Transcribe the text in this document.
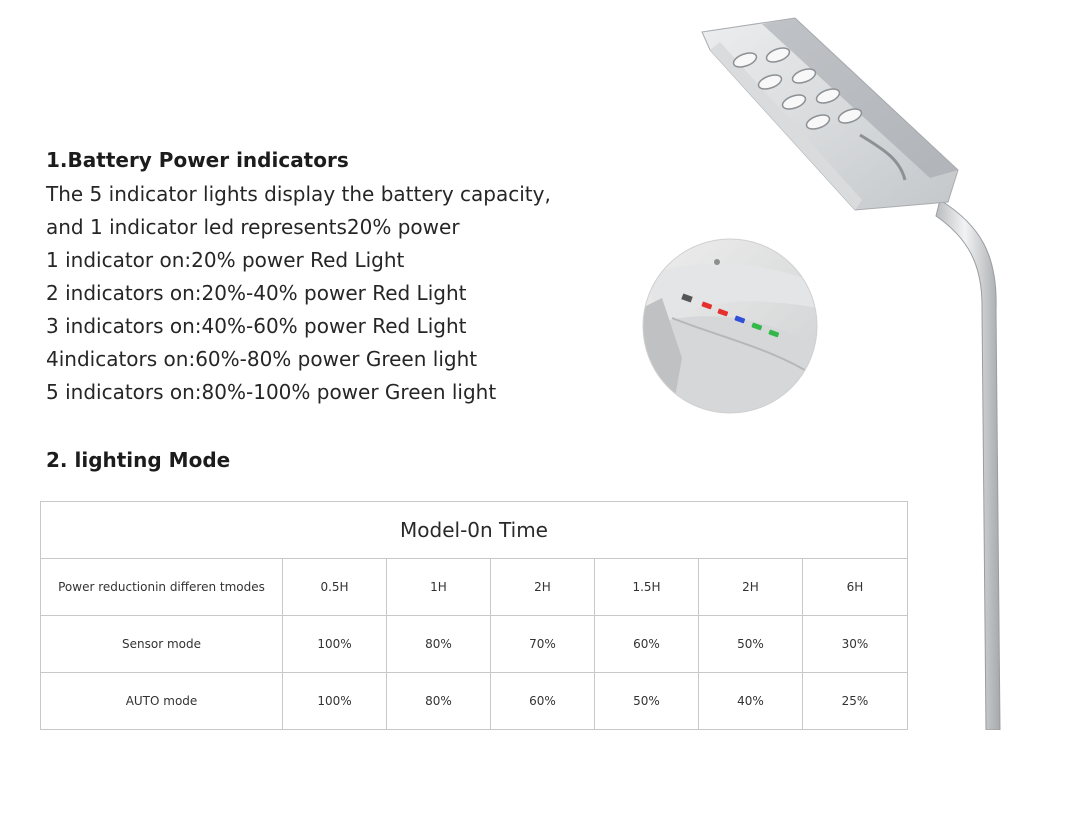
1.Battery Power indicators
The 5 indicator lights display the battery capacity,
and 1 indicator led represents20% power
1 indicator on:20% power Red Light
2 indicators on:20%-40% power Red Light
3 indicators on:40%-60% power Red Light
4indicators on:60%-80% power Green light
5 indicators on:80%-100% power Green light
2. lighting Mode
Model-0n Time						
Power reductionin differen tmodes	0.5H	1H	2H	1.5H	2H	6H
Sensor mode	100%	80%	70%	60%	50%	30%
AUTO mode	100%	80%	60%	50%	40%	25%
